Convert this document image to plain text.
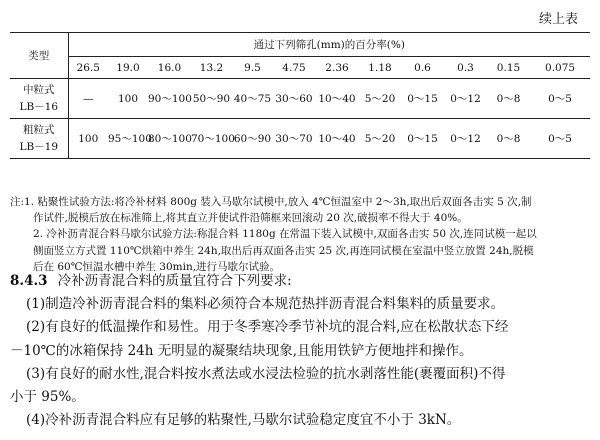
续上表
类型	通过下列筛孔(mm)的百分率(%)											
	26.5	19.0	16.0	13.2	9.5	4.75	2.36	1.18	0.6	0.3	0.15	0.075

中粒式
LB－16	—	100	90～100	50～90	40～75	30～60	10～40	5～20	0～15	0～12	0～8	0～5

粗粒式
LB－19	100	95～100	80～100	70～100	60～90	30～70	10～40	5～20	0～15	0～12	0～8	0～5
注:1. 粘聚性试验方法:将冷补材料 800g 装入马歇尔试模中,放入 4℃恒温室中 2～3h,取出后双面各击实 5 次,制
作试件,脱模后放在标准筛上,将其直立并使试件沿筛框来回滚动 20 次,破损率不得大于 40%。
2. 冷补沥青混合料马歇尔试验方法:称混合料 1180g 在常温下装入试模中,双面各击实 50 次,连同试模一起以
侧面竖立方式置 110℃烘箱中养生 24h,取出后再双面各击实 25 次,再连同试模在室温中竖立放置 24h,脱模
后在 60℃恒温水槽中养生 30min,进行马歇尔试验。
8.4.3 冷补沥青混合料的质量宜符合下列要求:
(1)制造冷补沥青混合料的集料必须符合本规范热拌沥青混合料集料的质量要求。
(2)有良好的低温操作和易性。用于冬季寒冷季节补坑的混合料,应在松散状态下经
－10℃的冰箱保持 24h 无明显的凝聚结块现象,且能用铁铲方便地拌和操作。
(3)有良好的耐水性,混合料按水煮法或水浸法检验的抗水剥落性能(裹覆面积)不得
小于 95%。
(4)冷补沥青混合料应有足够的粘聚性,马歇尔试验稳定度宜不小于 3kN。
